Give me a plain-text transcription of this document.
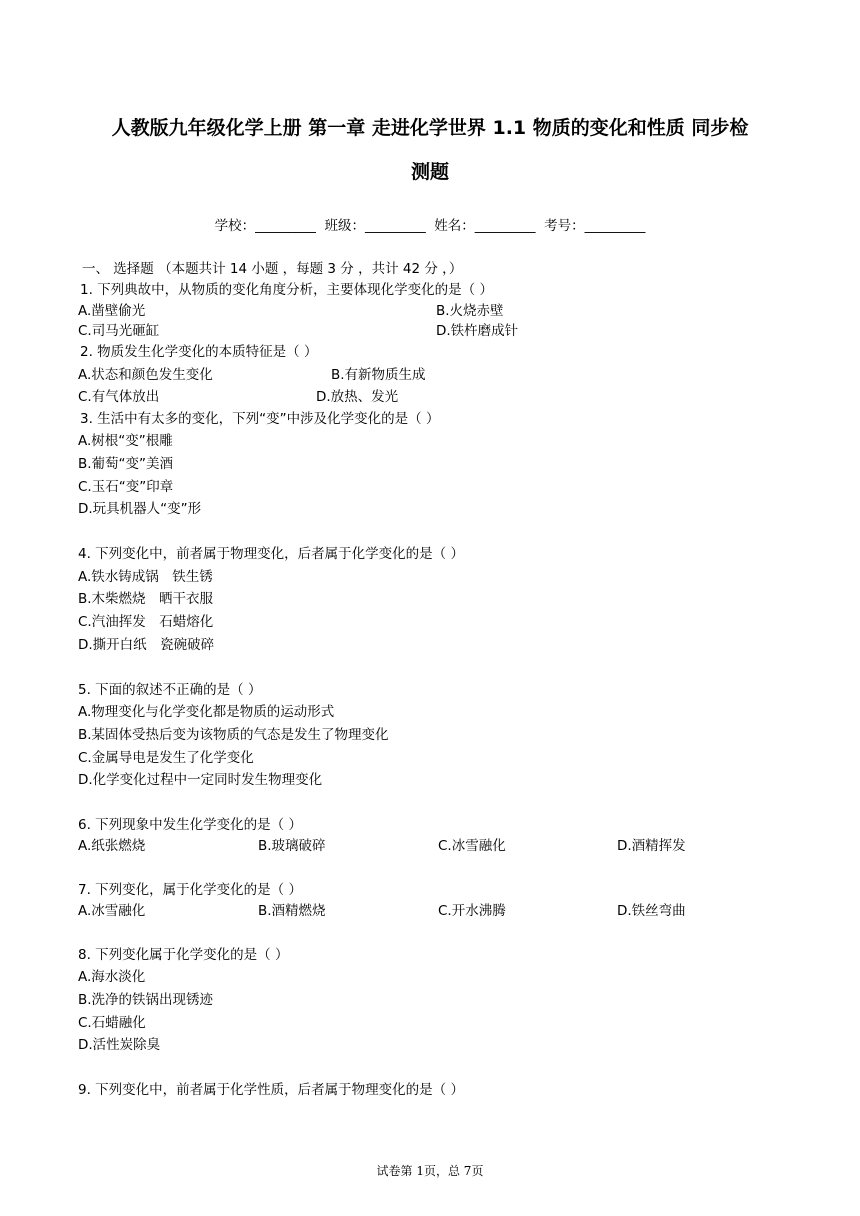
人教版九年级化学上册 第一章 走进化学世界 1.1 物质的变化和性质 同步检
测题
学校：_________  班级：_________  姓名：_________  考号：_________
一、 选择题 （本题共计 14 小题 ，每题 3 分 ，共计 42 分 ，）
1. 下列典故中，从物质的变化角度分析，主要体现化学变化的是（ ）
A.凿壁偷光	B.火烧赤壁
C.司马光砸缸	D.铁杵磨成针
2. 物质发生化学变化的本质特征是（ ）
A.状态和颜色发生变化	B.有新物质生成
C.有气体放出	D.放热、发光
3. 生活中有太多的变化，下列“变”中涉及化学变化的是（ ）
A.树根“变”根雕
B.葡萄“变”美酒
C.玉石“变”印章
D.玩具机器人“变”形
4. 下列变化中，前者属于物理变化，后者属于化学变化的是（ ）
A.铁水铸成锅　铁生锈
B.木柴燃烧　晒干衣服
C.汽油挥发　石蜡熔化
D.撕开白纸　瓷碗破碎
5. 下面的叙述不正确的是（ ）
A.物理变化与化学变化都是物质的运动形式
B.某固体受热后变为该物质的气态是发生了物理变化
C.金属导电是发生了化学变化
D.化学变化过程中一定同时发生物理变化
6. 下列现象中发生化学变化的是（ ）
A.纸张燃烧	B.玻璃破碎	C.冰雪融化	D.酒精挥发
7. 下列变化，属于化学变化的是（ ）
A.冰雪融化	B.酒精燃烧	C.开水沸腾	D.铁丝弯曲
8. 下列变化属于化学变化的是（ ）
A.海水淡化
B.洗净的铁锅出现锈迹
C.石蜡融化
D.活性炭除臭
9. 下列变化中，前者属于化学性质，后者属于物理变化的是（ ）
试卷第 1页，总 7页
